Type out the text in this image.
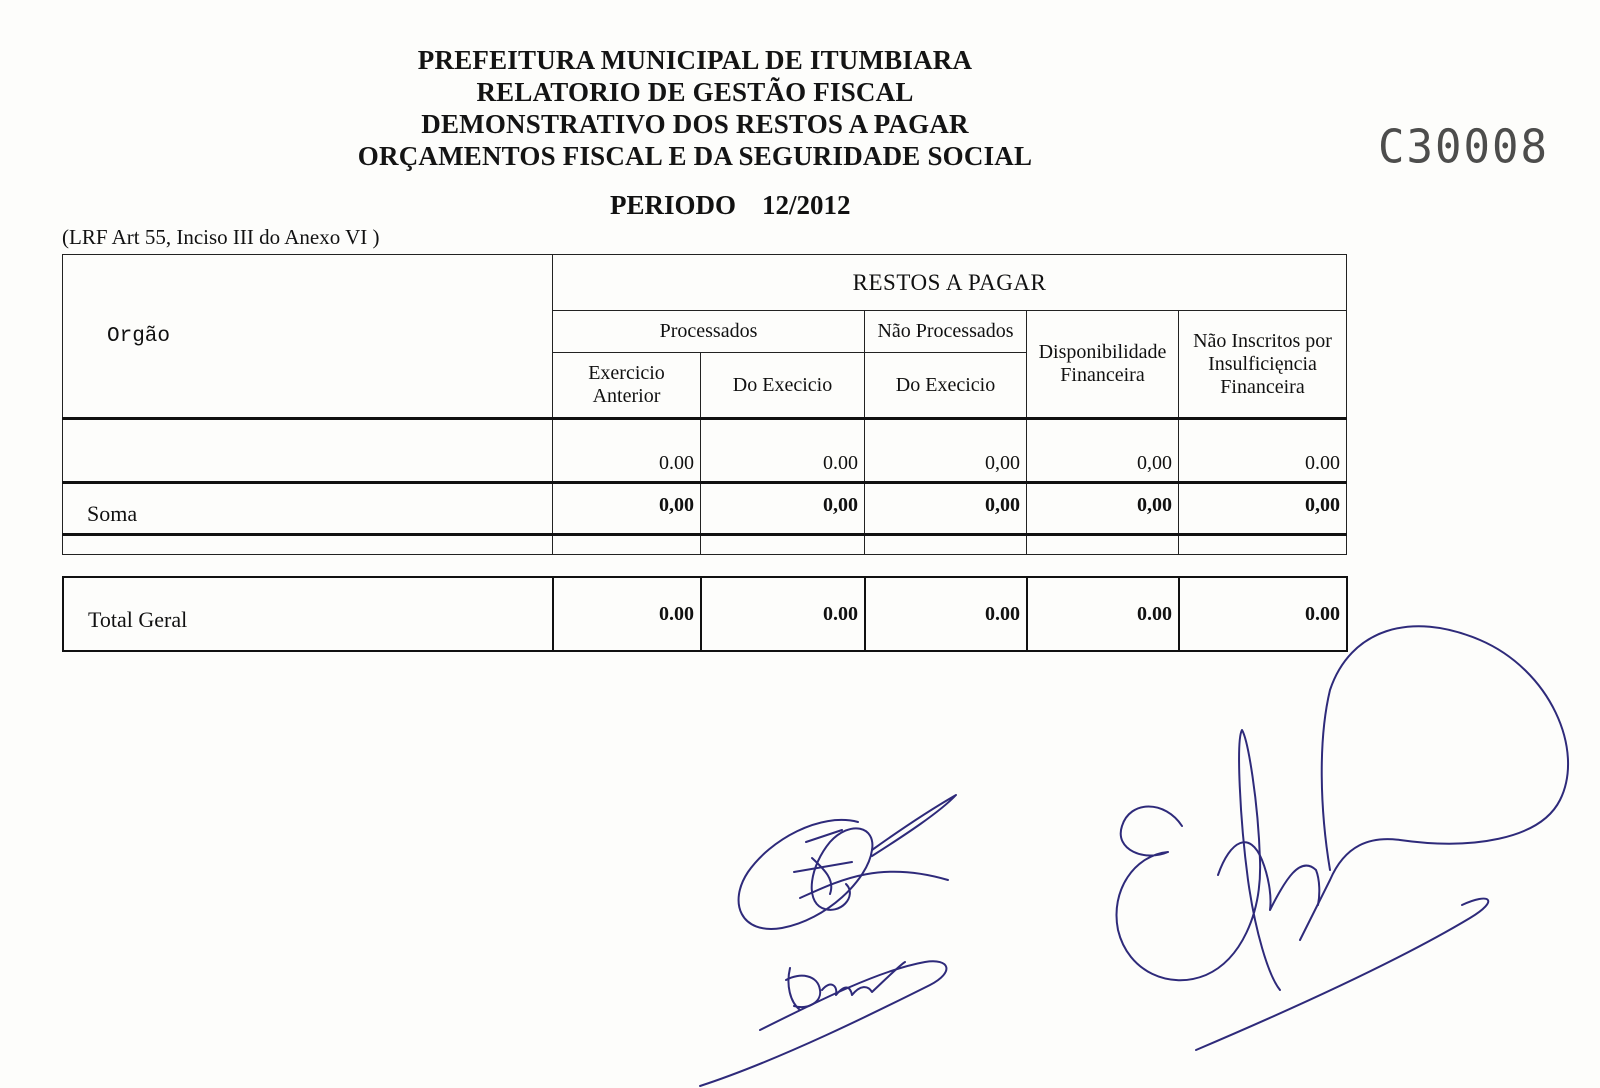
PREFEITURA MUNICIPAL DE ITUMBIARA
RELATORIO DE GESTÃO FISCAL
DEMONSTRATIVO DOS RESTOS A PAGAR
ORÇAMENTOS FISCAL E DA SEGURIDADE SOCIAL
PERIODO 12/2012
(LRF Art 55, Inciso III do Anexo VI )
C30008
Orgão	RESTOS A PAGAR				
	Processados		Não Processados	Disponibilidade Financeira	Não Inscritos por Insulficięncia Financeira
	Exercicio Anterior	Do Execicio	Do Execicio		
	0.00	0.00	0,00	0,00	0.00
Soma	0,00	0,00	0,00	0,00	0,00

Total Geral	0.00	0.00	0.00	0.00	0.00
